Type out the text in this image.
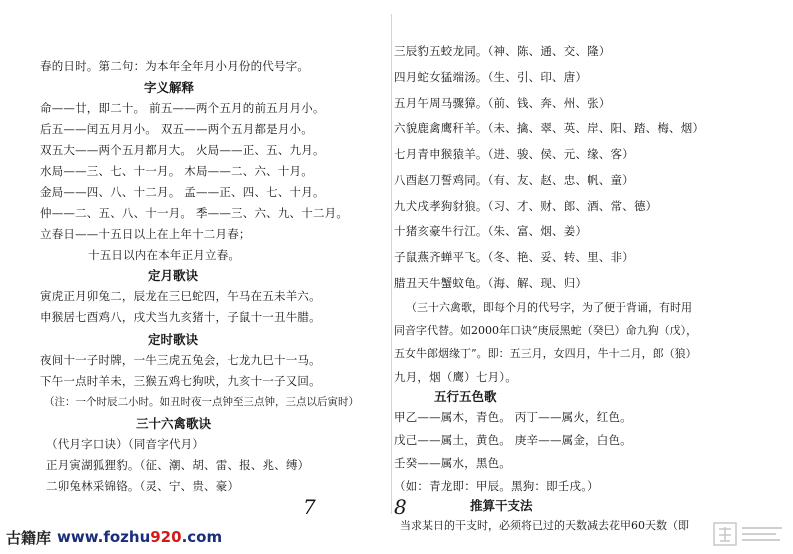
春的日时。第二句：为本年全年月小月份的代号字。
字义解释
命——廿，即二十。 前五——两个五月的前五月月小。
后五——闰五月月小。 双五——两个五月都是月小。
双五大——两个五月都月大。 火局——正、五、九月。
水局——三、七、十一月。 木局——二、六、十月。
金局——四、八、十二月。 孟——正、四、七、十月。
仲——二、五、八、十一月。 季——三、六、九、十二月。
立春日——十五日以上在上年十二月春；
十五日以内在本年正月立春。
定月歌诀
寅虎正月卯兔二，辰龙在三巳蛇四，午马在五未羊六。
申猴居七酉鸡八，戌犬当九亥猪十，子鼠十一丑牛腊。
定时歌诀
夜间十一子时牌，一牛三虎五兔会，七龙九巳十一马。
下午一点时羊未，三猴五鸡七狗吠，九亥十一子又回。
（注：一个时辰二小时。如丑时夜一点钟至三点钟，三点以后寅时）
三十六禽歌诀
（代月字口诀）（同音字代月）
正月寅湖狐狸豹。（征、潮、胡、雷、报、兆、缚）
二卯兔林采锦铬。（灵、宁、贵、豪）
7
三辰豹五蛟龙同。（神、陈、通、交、隆）
四月蛇女猛端汤。（生、引、印、唐）
五月午周马骤獐。（前、钱、奔、州、张）
六貌鹿禽鹰秆羊。（未、擒、翠、英、岸、阳、踏、梅、烟）
七月青申猴猿羊。（进、骏、侯、元、缘、客）
八酉赵刀誓鸡同。（有、友、赵、忠、帆、童）
九犬戌孝狗豺狼。（习、才、财、郎、酒、常、德）
十猪亥豪牛行江。（朱、富、烟、姜）
子鼠燕齐蝉平飞。（冬、艳、妥、转、里、非）
腊丑天牛蟹蚊龟。（海、解、现、归）
（三十六禽歌，即每个月的代号字，为了便于背诵，有时用
同音字代替。如2000年口诀“庚辰黑蛇（癸巳）命九狗（戊），
五女牛郎烟缘丁”。即：五三月，女四月，牛十二月，郎（狼）
九月，烟（鹰）七月）。
五行五色歌
甲乙——属木，青色。 丙丁——属火，红色。
戊己——属土，黄色。 庚辛——属金，白色。
壬癸——属水，黑色。
（如：青龙即：甲辰。黑狗：即壬戌。）
推算干支法
当求某日的干支时，必须将已过的天数减去花甲60天数（即
8
古籍库 www.fozhu920.com
